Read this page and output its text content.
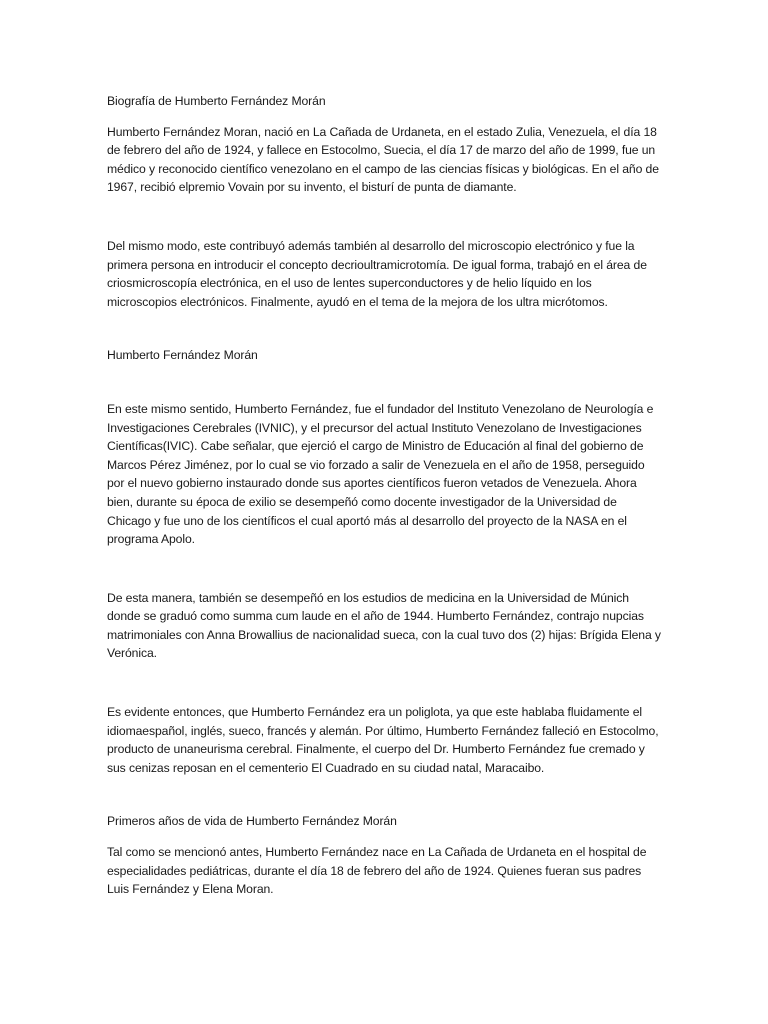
Biografía de Humberto Fernández Morán

Humberto Fernández Moran, nació en La Cañada de Urdaneta, en el estado Zulia, Venezuela, el día 18 de febrero del año de 1924, y fallece en Estocolmo, Suecia, el día 17 de marzo del año de 1999, fue un médico y reconocido científico venezolano en el campo de las ciencias físicas y biológicas. En el año de 1967, recibió elpremio Vovain por su invento, el bisturí de punta de diamante.

Del mismo modo, este contribuyó además también al desarrollo del microscopio electrónico y fue la primera persona en introducir el concepto decrioultramicrotomía. De igual forma, trabajó en el área de criosmicroscopía electrónica, en el uso de lentes superconductores y de helio líquido en los microscopios electrónicos. Finalmente, ayudó en el tema de la mejora de los ultra micrótomos.

Humberto Fernández Morán

En este mismo sentido, Humberto Fernández, fue el fundador del Instituto Venezolano de Neurología e Investigaciones Cerebrales (IVNIC), y el precursor del actual Instituto Venezolano de Investigaciones Científicas(IVIC). Cabe señalar, que ejerció el cargo de Ministro de Educación al final del gobierno de Marcos Pérez Jiménez, por lo cual se vio forzado a salir de Venezuela en el año de 1958, perseguido por el nuevo gobierno instaurado donde sus aportes científicos fueron vetados de Venezuela. Ahora bien, durante su época de exilio se desempeñó como docente investigador de la Universidad de Chicago y fue uno de los científicos el cual aportó más al desarrollo del proyecto de la NASA en el programa Apolo.

De esta manera, también se desempeñó en los estudios de medicina en la Universidad de Múnich donde se graduó como summa cum laude en el año de 1944. Humberto Fernández, contrajo nupcias matrimoniales con Anna Browallius de nacionalidad sueca, con la cual tuvo dos (2) hijas: Brígida Elena y Verónica.

Es evidente entonces, que Humberto Fernández era un poliglota, ya que este hablaba fluidamente el idiomaespañol, inglés, sueco, francés y alemán. Por último, Humberto Fernández falleció en Estocolmo, producto de unaneurisma cerebral. Finalmente, el cuerpo del Dr. Humberto Fernández fue cremado y sus cenizas reposan en el cementerio El Cuadrado en su ciudad natal, Maracaibo.

Primeros años de vida de Humberto Fernández Morán

Tal como se mencionó antes, Humberto Fernández nace en La Cañada de Urdaneta en el hospital de especialidades pediátricas, durante el día 18 de febrero del año de 1924. Quienes fueran sus padres Luis Fernández y Elena Moran.
